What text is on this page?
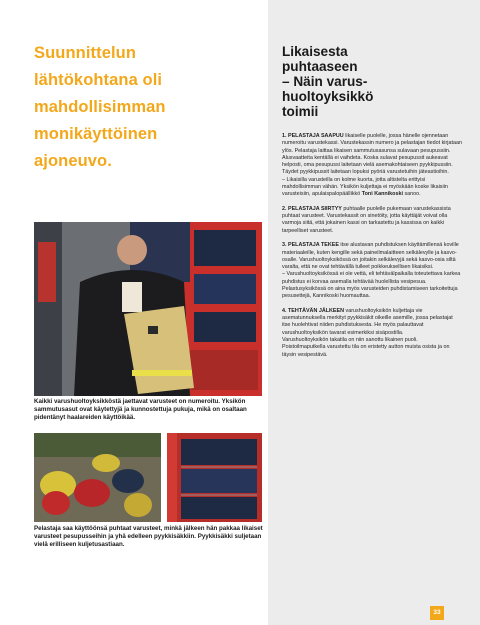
Suunnittelun
lähtökohtana oli
mahdollisimman
monikäyttöinen
ajoneuvo.

Kaikki varushuoltoyksikköstä jaettavat varusteet on numeroitu. Yksikön sammutusasut ovat käytettyjä ja kunnostettuja pukuja, mikä on osaltaan pidentänyt haalareiden käyttöikää.

Pelastaja saa käyttöönsä puhtaat varusteet, minkä jälkeen hän pakkaa likaiset varusteet pesupusseihin ja yhä edelleen pyykkisäkkiin. Pyykkisäkki suljetaan vielä erilliseen kuljetusastiaan.

Likaisesta
puhtaaseen
– Näin varus-
huoltoyksikkö
toimii

1. PELASTAJA SAAPUU likaiselle puolelle, jossa hänelle ojennetaan numeroitu varustekassi. Varustekassin numero ja pelastajan tiedot kirjataan ylös. Pelastaja laittaa likaisen sammutusasunsa sulavaan pesupussiin. Alusvaatteita kentällä ei vaihdeta. Koska sulavat pesupussit aukeavat helposti, oma pesupussi laitetaan vielä asemakohtaiseen pyykkipussiin. Täydet pyykkipussit laitetaan lopuksi pyöriä varustetuihin jäteastioihin.
– Likaisilla varusteilla on kolme kuorta, jotta altistelta erittyisi mahdollisimman vähän. Yksikön kuljettaja ei myöskään koske likaisiin varusteisiin, apulaispalopäällikkö Toni Kannikoski sanoo.

2. PELASTAJA SIIRTYY puhtaalle puolelle pukemaan varustekassista puhtaat varusteet. Varustekassit on sinetöity, jotta käyttäjät voivat olla varmoja siitä, että jokainen kassi on tarkastettu ja kassissa on kaikki tarpeelliset varusteet.

3. PELASTAJA TEKEE itse alustavan puhdistuksen käyttämillensä koville materiaaleille, kuten kengille sekä paineilmalaitteen selkälevylle ja kasvo-osalle. Varushuoltoyksikössä on joitakin selkälevyjä sekä kasvo-osia siltä varalta, että ne ovat tehtävällä tulleet poikkeuksellisen likaisiksi.
– Varushuoltoyksikössä ei ole vettä, eli tehtävälpaikalla toteutettava karkea puhdistus ei korvaa asemalla tehtävää huolellista vesipesua. Pelastusyksikössä on aina myös varusteiden puhdistamiseen tarkoitettuja pesusettejä, Kannikoski huomauttaa.

4. TEHTÄVÄN JÄLKEEN varushuoltoyksikön kuljettaja vie asematunnuksella merkityt pyykkisäkit oikeille asemille, jossa pelastajat itse huolehtivat niiden puhdistuksesta. He myös palauttavat varushuoltoyksikön tavarat esimerkiksi sisäpostilla.
Varushuoltoyksikön takatila on niin sanottu likainen puoli. Poistoilmaputkella varustettu tila on eristetty autton muista osista ja on täysin vesipestävä.

33
